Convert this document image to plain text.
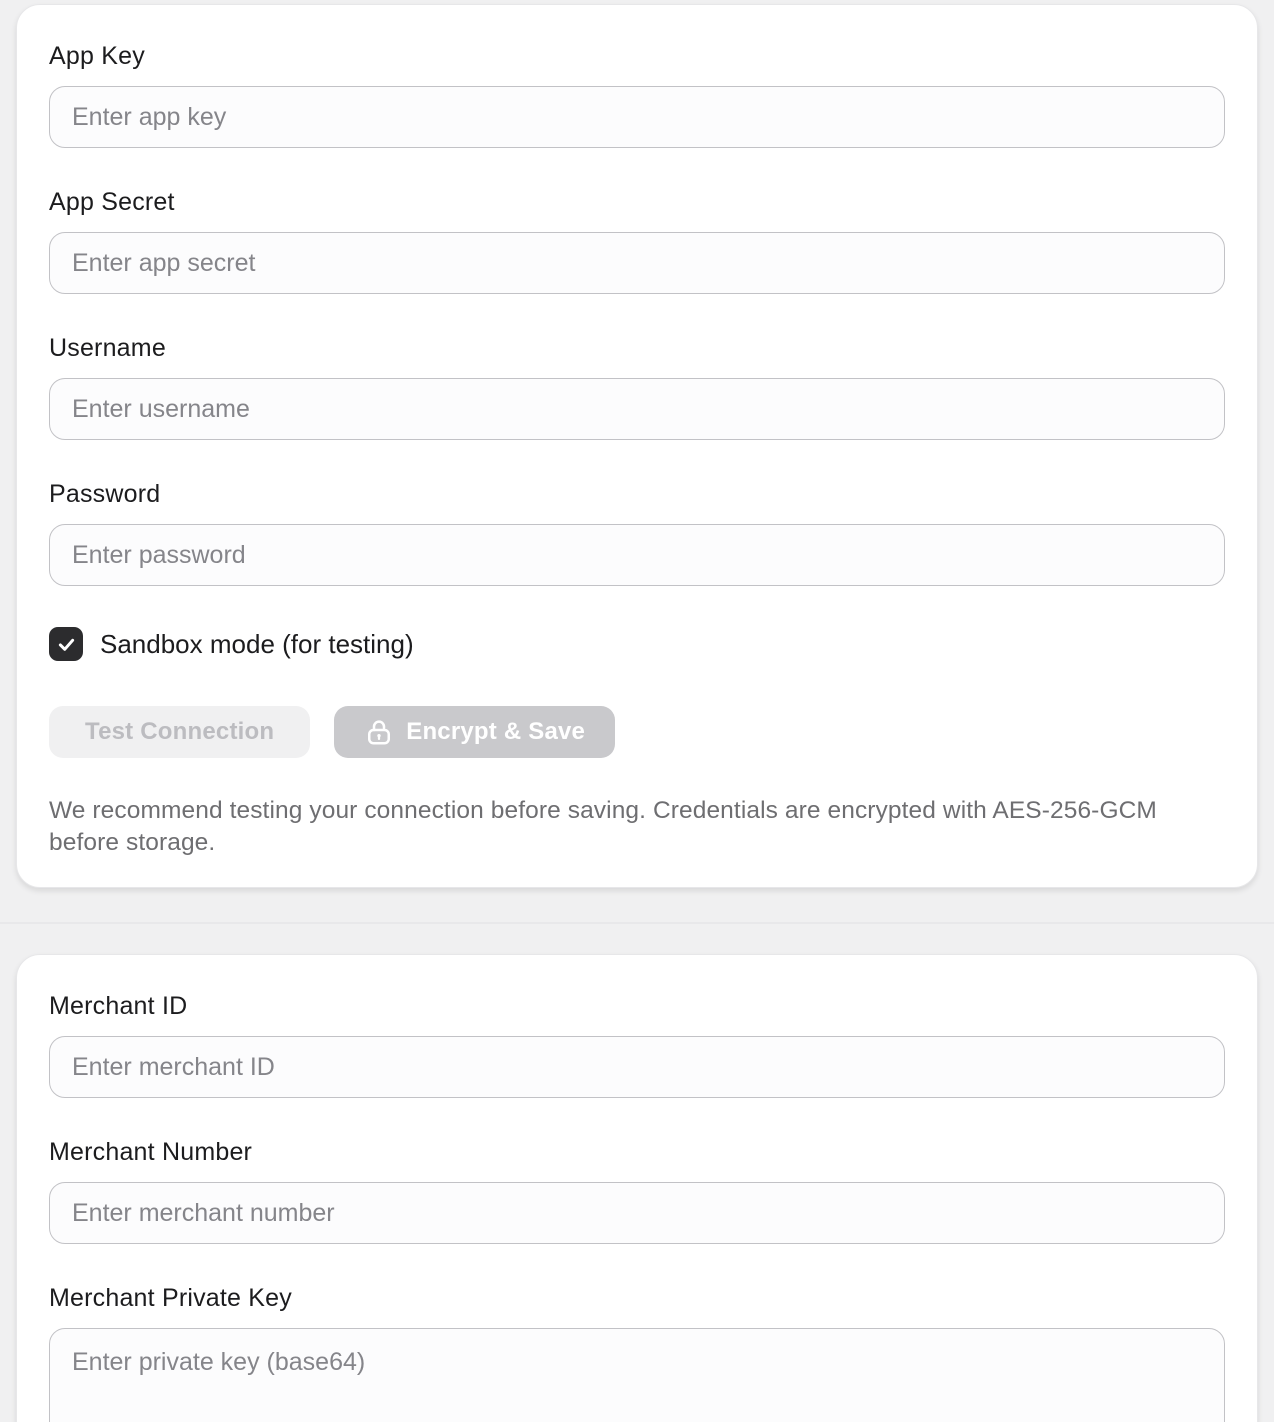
App Key
Enter app key
App Secret
Enter app secret
Username
Enter username
Password
Enter password
Sandbox mode (for testing)
Test Connection	Encrypt & Save

We recommend testing your connection before saving. Credentials are encrypted with AES-256-GCM before storage.

Merchant ID
Enter merchant ID
Merchant Number
Enter merchant number
Merchant Private Key
Enter private key (base64)
